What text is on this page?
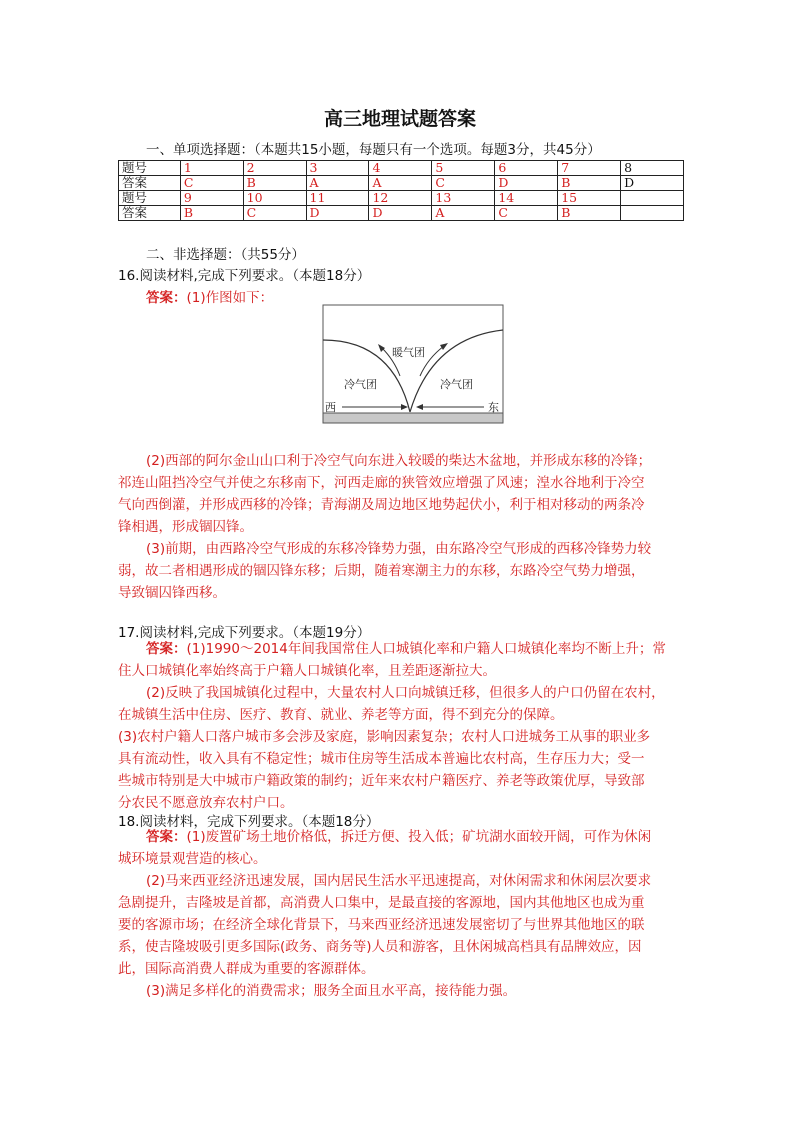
高三地理试题答案
一、单项选择题：（本题共15小题，每题只有一个选项。每题3分，共45分）
题号	1	2	3	4	5	6	7	8
答案	C	B	A	A	C	D	B	D
题号	9	10	11	12	13	14	15	
答案	B	C	D	D	A	C	B	
二、非选择题：（共55分）
16.阅读材料,完成下列要求。（本题18分）
答案：(1)作图如下：
暖气团
冷气团	冷气团
西	东

(2)西部的阿尔金山山口利于冷空气向东进入较暖的柴达木盆地，并形成东移的冷锋；

祁连山阻挡冷空气并使之东移南下，河西走廊的狭管效应增强了风速；湟水谷地利于冷空

气向西倒灌，并形成西移的冷锋；青海湖及周边地区地势起伏小，利于相对移动的两条冷

锋相遇，形成锢囚锋。

(3)前期，由西路冷空气形成的东移冷锋势力强，由东路冷空气形成的西移冷锋势力较

弱，故二者相遇形成的锢囚锋东移；后期，随着寒潮主力的东移，东路冷空气势力增强，

导致锢囚锋西移。

17.阅读材料,完成下列要求。（本题19分）

答案：(1)1990～2014年间我国常住人口城镇化率和户籍人口城镇化率均不断上升；常

住人口城镇化率始终高于户籍人口城镇化率，且差距逐渐拉大。

(2)反映了我国城镇化过程中，大量农村人口向城镇迁移，但很多人的户口仍留在农村，

在城镇生活中住房、医疗、教育、就业、养老等方面，得不到充分的保障。

(3)农村户籍人口落户城市多会涉及家庭，影响因素复杂；农村人口进城务工从事的职业多

具有流动性，收入具有不稳定性；城市住房等生活成本普遍比农村高，生存压力大；受一

些城市特别是大中城市户籍政策的制约；近年来农村户籍医疗、养老等政策优厚，导致部

分农民不愿意放弃农村户口。

18.阅读材料，完成下列要求。（本题18分）

答案：(1)废置矿场土地价格低，拆迁方便、投入低；矿坑湖水面较开阔，可作为休闲

城环境景观营造的核心。

(2)马来西亚经济迅速发展，国内居民生活水平迅速提高，对休闲需求和休闲层次要求

急剧提升，吉隆坡是首都，高消费人口集中，是最直接的客源地，国内其他地区也成为重

要的客源市场；在经济全球化背景下，马来西亚经济迅速发展密切了与世界其他地区的联

系，使吉隆坡吸引更多国际(政务、商务等)人员和游客，且休闲城高档具有品牌效应，因

此，国际高消费人群成为重要的客源群体。

(3)满足多样化的消费需求；服务全面且水平高，接待能力强。
